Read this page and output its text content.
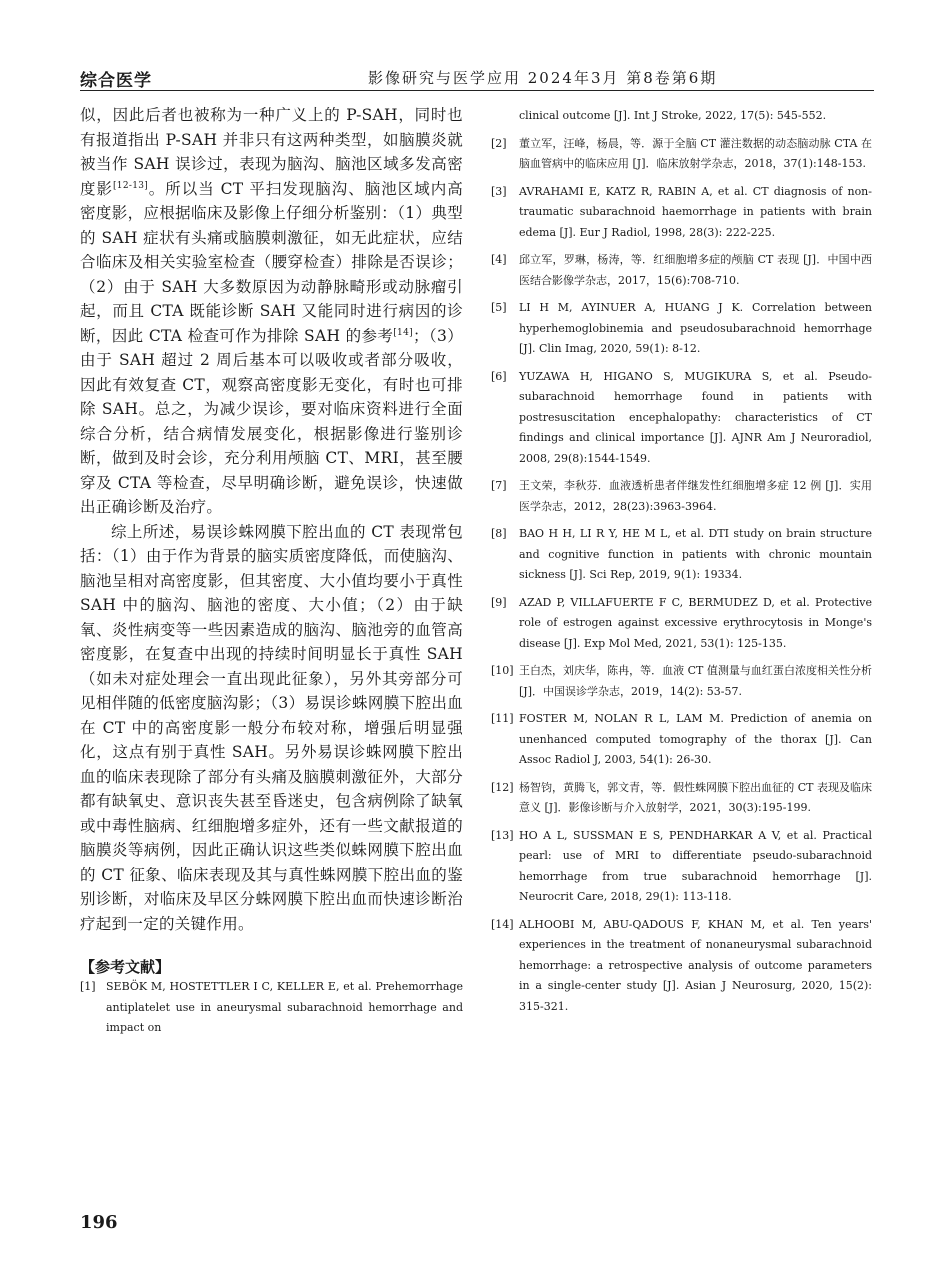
综合医学	影像研究与医学应用 2024年3月 第8卷第6期

似，因此后者也被称为一种广义上的 P-SAH，同时也有报道指出 P-SAH 并非只有这两种类型，如脑膜炎就被当作 SAH 误诊过，表现为脑沟、脑池区域多发高密度影[12-13]。所以当 CT 平扫发现脑沟、脑池区域内高密度影，应根据临床及影像上仔细分析鉴别：（1）典型的 SAH 症状有头痛或脑膜刺激征，如无此症状，应结合临床及相关实验室检查（腰穿检查）排除是否误诊；（2）由于 SAH 大多数原因为动静脉畸形或动脉瘤引起，而且 CTA 既能诊断 SAH 又能同时进行病因的诊断，因此 CTA 检查可作为排除 SAH 的参考[14]；（3）由于 SAH 超过 2 周后基本可以吸收或者部分吸收，因此有效复查 CT，观察高密度影无变化，有时也可排除 SAH。总之，为减少误诊，要对临床资料进行全面综合分析，结合病情发展变化，根据影像进行鉴别诊断，做到及时会诊，充分利用颅脑 CT、MRI，甚至腰穿及 CTA 等检查，尽早明确诊断，避免误诊，快速做出正确诊断及治疗。

综上所述，易误诊蛛网膜下腔出血的 CT 表现常包括：（1）由于作为背景的脑实质密度降低，而使脑沟、脑池呈相对高密度影，但其密度、大小值均要小于真性 SAH 中的脑沟、脑池的密度、大小值；（2）由于缺氧、炎性病变等一些因素造成的脑沟、脑池旁的血管高密度影，在复查中出现的持续时间明显长于真性 SAH（如未对症处理会一直出现此征象），另外其旁部分可见相伴随的低密度脑沟影；（3）易误诊蛛网膜下腔出血在 CT 中的高密度影一般分布较对称，增强后明显强化，这点有别于真性 SAH。另外易误诊蛛网膜下腔出血的临床表现除了部分有头痛及脑膜刺激征外，大部分都有缺氧史、意识丧失甚至昏迷史，包含病例除了缺氧或中毒性脑病、红细胞增多症外，还有一些文献报道的脑膜炎等病例，因此正确认识这些类似蛛网膜下腔出血的 CT 征象、临床表现及其与真性蛛网膜下腔出血的鉴别诊断，对临床及早区分蛛网膜下腔出血而快速诊断治疗起到一定的关键作用。

【参考文献】
[1] SEBÖK M, HOSTETTLER I C, KELLER E, et al. Prehemorrhage antiplatelet use in aneurysmal subarachnoid hemorrhage and impact on
clinical outcome [J]. Int J Stroke, 2022, 17(5): 545-552.
[2] 董立军，汪峰，杨晨，等．源于全脑 CT 灌注数据的动态脑动脉 CTA 在脑血管病中的临床应用 [J]．临床放射学杂志，2018，37(1):148-153.
[3] AVRAHAMI E, KATZ R, RABIN A, et al. CT diagnosis of non-traumatic subarachnoid haemorrhage in patients with brain edema [J]. Eur J Radiol, 1998, 28(3): 222-225.
[4] 邱立军，罗琳，杨涛，等．红细胞增多症的颅脑 CT 表现 [J]．中国中西医结合影像学杂志，2017，15(6):708-710.
[5] LI H M, AYINUER A, HUANG J K. Correlation between hyperhemoglobinemia and pseudosubarachnoid hemorrhage [J]. Clin Imag, 2020, 59(1): 8-12.
[6] YUZAWA H, HIGANO S, MUGIKURA S, et al. Pseudo-subarachnoid hemorrhage found in patients with postresuscitation encephalopathy: characteristics of CT findings and clinical importance [J]. AJNR Am J Neuroradiol, 2008, 29(8):1544-1549.
[7] 王文荣，李秋芬．血液透析患者伴继发性红细胞增多症 12 例 [J]．实用医学杂志，2012，28(23):3963-3964.
[8] BAO H H, LI R Y, HE M L, et al. DTI study on brain structure and cognitive function in patients with chronic mountain sickness [J]. Sci Rep, 2019, 9(1): 19334.
[9] AZAD P, VILLAFUERTE F C, BERMUDEZ D, et al. Protective role of estrogen against excessive erythrocytosis in Monge's disease [J]. Exp Mol Med, 2021, 53(1): 125-135.
[10] 王白杰，刘庆华，陈冉，等．血液 CT 值测量与血红蛋白浓度相关性分析 [J]．中国误诊学杂志，2019，14(2): 53-57.
[11] FOSTER M, NOLAN R L, LAM M. Prediction of anemia on unenhanced computed tomography of the thorax [J]. Can Assoc Radiol J, 2003, 54(1): 26-30.
[12] 杨智钧，黄腾飞，郭文青，等．假性蛛网膜下腔出血征的 CT 表现及临床意义 [J]．影像诊断与介入放射学，2021，30(3):195-199.
[13] HO A L, SUSSMAN E S, PENDHARKAR A V, et al. Practical pearl: use of MRI to differentiate pseudo-subarachnoid hemorrhage from true subarachnoid hemorrhage [J]. Neurocrit Care, 2018, 29(1): 113-118.
[14] ALHOOBI M, ABU-QADOUS F, KHAN M, et al. Ten years' experiences in the treatment of nonaneurysmal subarachnoid hemorrhage: a retrospective analysis of outcome parameters in a single-center study [J]. Asian J Neurosurg, 2020, 15(2): 315-321.
196
